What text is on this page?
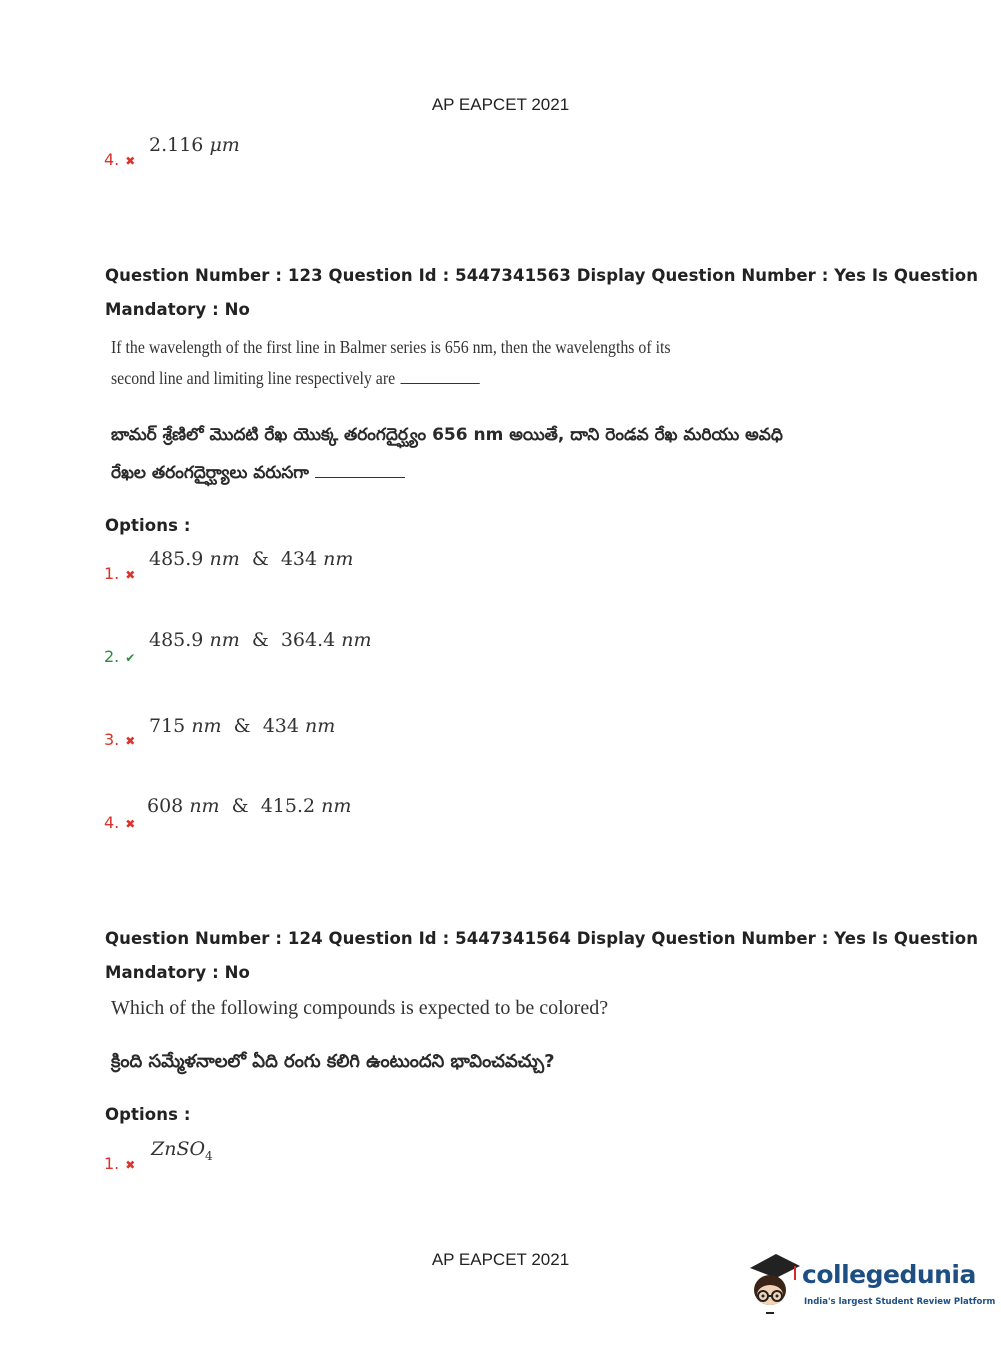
AP EAPCET 2021
4. ✖
2.116 μm
Question Number : 123 Question Id : 5447341563 Display Question Number : Yes Is Question
Mandatory : No
If the wavelength of the first line in Balmer series is 656 nm, then the wavelengths of its
second line and limiting line respectively are
బామర్ శ్రేణిలో మొదటి రేఖ యొక్క తరంగదైర్ఘ్యం 656 nm అయితే, దాని రెండవ రేఖ మరియు అవధి
రేఖల తరంగదైర్ఘ్యాలు వరుసగా
Options :
1. ✖
485.9 nm & 434 nm
2. ✔
485.9 nm & 364.4 nm
3. ✖
715 nm & 434 nm
4. ✖
608 nm & 415.2 nm
Question Number : 124 Question Id : 5447341564 Display Question Number : Yes Is Question
Mandatory : No
Which of the following compounds is expected to be colored?
క్రింది సమ్మేళనాలలో ఏది రంగు కలిగి ఉంటుందని భావించవచ్చు?
Options :
1. ✖
ZnSO$_4$
AP EAPCET 2021
collegedunia
India's largest Student Review Platform
